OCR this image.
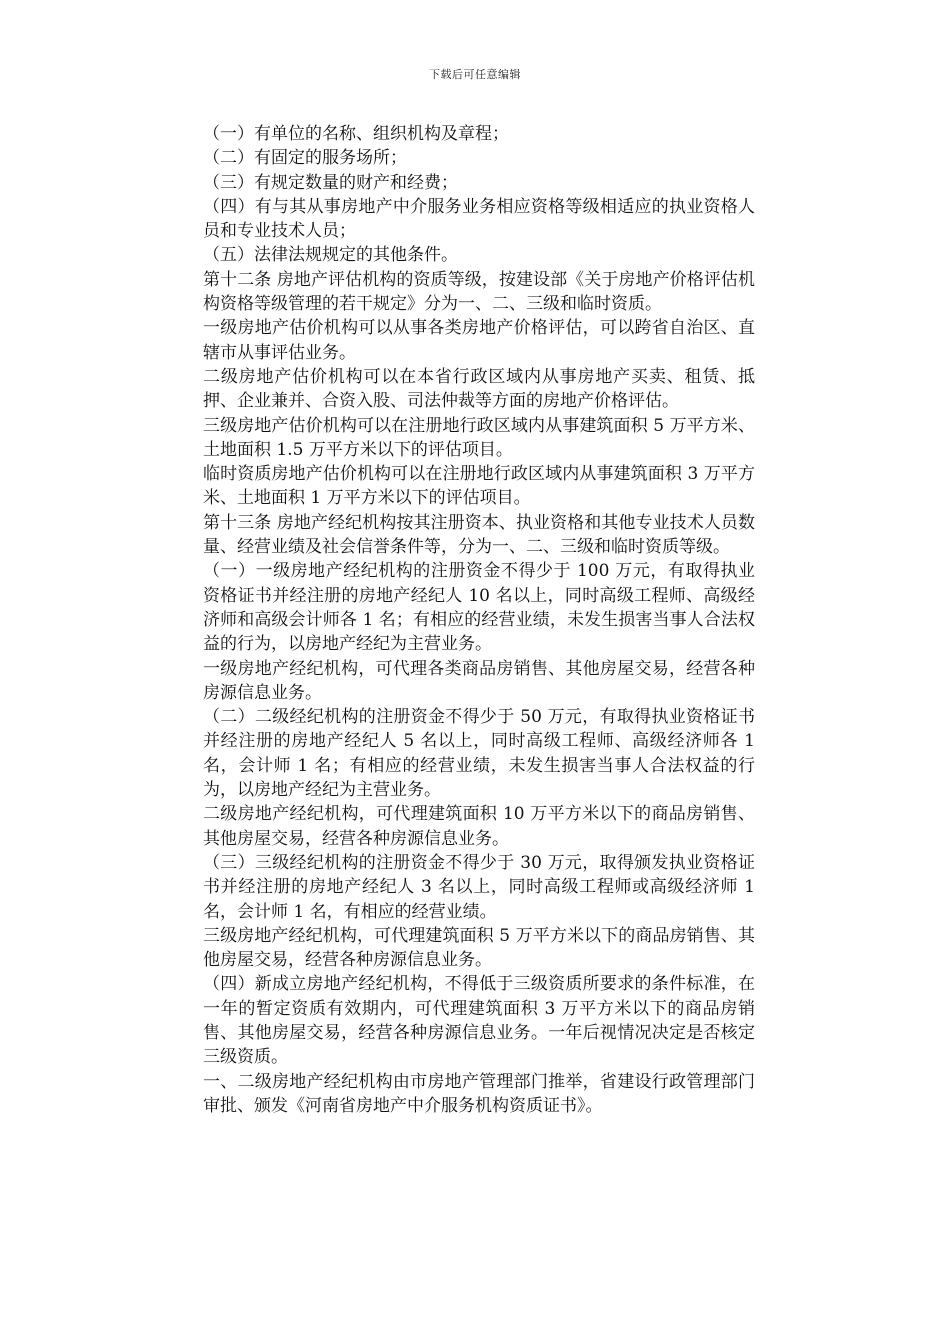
下载后可任意编辑

（一）有单位的名称、组织机构及章程；

（二）有固定的服务场所；

（三）有规定数量的财产和经费；

（四）有与其从事房地产中介服务业务相应资格等级相适应的执业资格人员和专业技术人员；

（五）法律法规规定的其他条件。

第十二条 房地产评估机构的资质等级，按建设部《关于房地产价格评估机构资格等级管理的若干规定》分为一、二、三级和临时资质。

一级房地产估价机构可以从事各类房地产价格评估，可以跨省自治区、直辖市从事评估业务。

二级房地产估价机构可以在本省行政区域内从事房地产买卖、租赁、抵押、企业兼并、合资入股、司法仲裁等方面的房地产价格评估。

三级房地产估价机构可以在注册地行政区域内从事建筑面积 5 万平方米、土地面积 1.5 万平方米以下的评估项目。

临时资质房地产估价机构可以在注册地行政区域内从事建筑面积 3 万平方米、土地面积 1 万平方米以下的评估项目。

第十三条 房地产经纪机构按其注册资本、执业资格和其他专业技术人员数量、经营业绩及社会信誉条件等，分为一、二、三级和临时资质等级。

（一）一级房地产经纪机构的注册资金不得少于 100 万元，有取得执业资格证书并经注册的房地产经纪人 10 名以上，同时高级工程师、高级经济师和高级会计师各 1 名；有相应的经营业绩，未发生损害当事人合法权益的行为，以房地产经纪为主营业务。

一级房地产经纪机构，可代理各类商品房销售、其他房屋交易，经营各种房源信息业务。

（二）二级经纪机构的注册资金不得少于 50 万元，有取得执业资格证书并经注册的房地产经纪人 5 名以上，同时高级工程师、高级经济师各 1 名，会计师 1 名；有相应的经营业绩，未发生损害当事人合法权益的行为，以房地产经纪为主营业务。

二级房地产经纪机构，可代理建筑面积 10 万平方米以下的商品房销售、其他房屋交易，经营各种房源信息业务。

（三）三级经纪机构的注册资金不得少于 30 万元，取得颁发执业资格证书并经注册的房地产经纪人 3 名以上，同时高级工程师或高级经济师 1 名，会计师 1 名，有相应的经营业绩。

三级房地产经纪机构，可代理建筑面积 5 万平方米以下的商品房销售、其他房屋交易，经营各种房源信息业务。

（四）新成立房地产经纪机构，不得低于三级资质所要求的条件标准，在一年的暂定资质有效期内，可代理建筑面积 3 万平方米以下的商品房销售、其他房屋交易，经营各种房源信息业务。一年后视情况决定是否核定三级资质。

一、二级房地产经纪机构由市房地产管理部门推举，省建设行政管理部门审批、颁发《河南省房地产中介服务机构资质证书》。
